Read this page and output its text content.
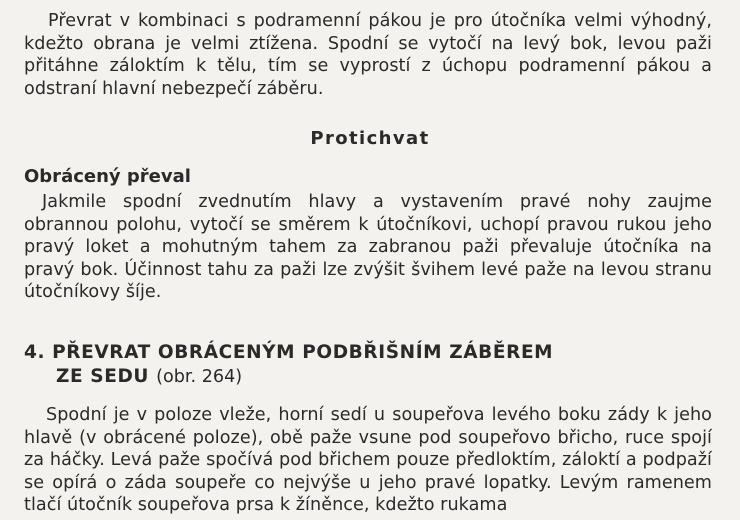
Převrat v kombinaci s podramenní pákou je pro útočníka velmi výhodný, kdežto obrana je velmi ztížena. Spodní se vytočí na levý bok, levou paži přitáhne záloktím k tělu, tím se vyprostí z úchopu podramenní pákou a odstraní hlavní nebezpečí záběru.

Protichvat
Obrácený převal

Jakmile spodní zvednutím hlavy a vystavením pravé nohy zaujme obrannou polohu, vytočí se směrem k útočníkovi, uchopí pravou rukou jeho pravý loket a mohutným tahem za zabranou paži převaluje útočníka na pravý bok. Účinnost tahu za paži lze zvýšit švihem levé paže na levou stranu útočníkovy šíje.

4. PŘEVRAT OBRÁCENÝM PODBŘIŠNÍM ZÁBĚREM
ZE SEDU (obr. 264)

Spodní je v poloze vleže, horní sedí u soupeřova levého boku zády k jeho hlavě (v obrácené poloze), obě paže vsune pod soupeřovo břicho, ruce spojí za háčky. Levá paže spočívá pod břichem pouze předloktím, záloktí a podpaží se opírá o záda soupeře co nejvýše u jeho pravé lopatky. Levým ramenem tlačí útočník soupeřova prsa k žíněnce, kdežto rukama
